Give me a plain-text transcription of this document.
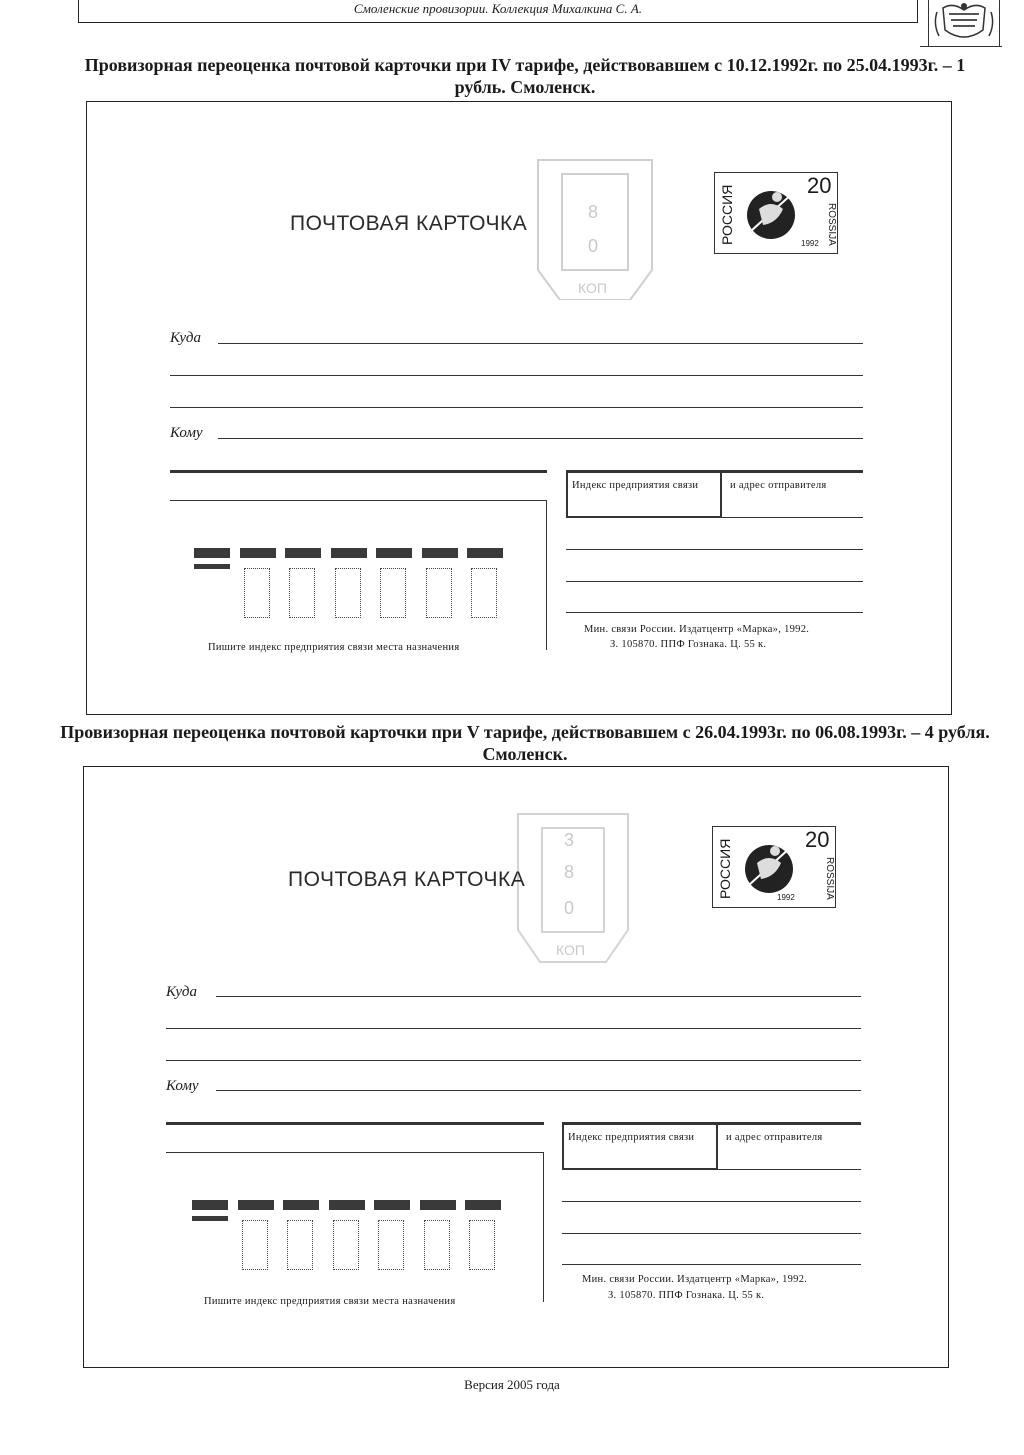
Смоленские провизории. Коллекция Михалкина С. А.
Провизорная переоценка почтовой карточки при IV тарифе, действовавшем с 10.12.1992г. по 25.04.1993г. – 1 рубль. Смоленск.
8
0
КОП
ПОЧТОВАЯ КАРТОЧКА	РОССИЯ	20
ROSSIJA
1992
Куда
Кому
Индекс предприятия связи	и адрес отправителя
Мин. связи России. Издатцентр «Марка», 1992.
З. 105870. ППФ Гознака. Ц. 55 к.
Пишите индекс предприятия связи места назначения
Провизорная переоценка почтовой карточки при V тарифе, действовавшем с 26.04.1993г. по 06.08.1993г. – 4 рубля. Смоленск.
3
8
0
КОП
ПОЧТОВАЯ КАРТОЧКА	РОССИЯ	20
ROSSIJA
1992
Куда
Кому
Индекс предприятия связи	и адрес отправителя
Мин. связи России. Издатцентр «Марка», 1992.
З. 105870. ППФ Гознака. Ц. 55 к.
Пишите индекс предприятия связи места назначения
Версия 2005 года
